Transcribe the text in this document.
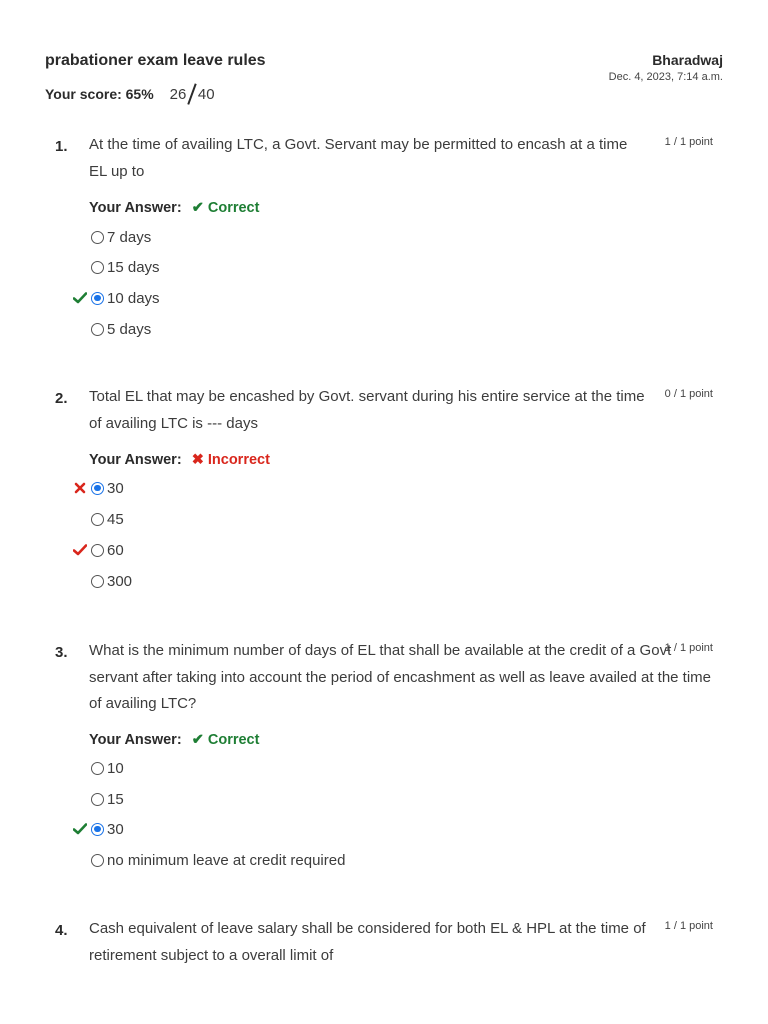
prabationer exam leave rules
Your score: 65% 26 40
Bharadwaj
Dec. 4, 2023, 7:14 a.m.
1. At the time of availing LTC, a Govt. Servant may be permitted to encash at a time EL up to
1 / 1 point
Your Answer: ✔ Correct
7 days
15 days
10 days
5 days
2. Total EL that may be encashed by Govt. servant during his entire service at the time of availing LTC is --- days
0 / 1 point
Your Answer: ✖ Incorrect
30
45
60
300
3. What is the minimum number of days of EL that shall be available at the credit of a Govt servant after taking into account the period of encashment as well as leave availed at the time of availing LTC?
1 / 1 point
Your Answer: ✔ Correct
10
15
30
no minimum leave at credit required
4. Cash equivalent of leave salary shall be considered for both EL & HPL at the time of retirement subject to a overall limit of
1 / 1 point
